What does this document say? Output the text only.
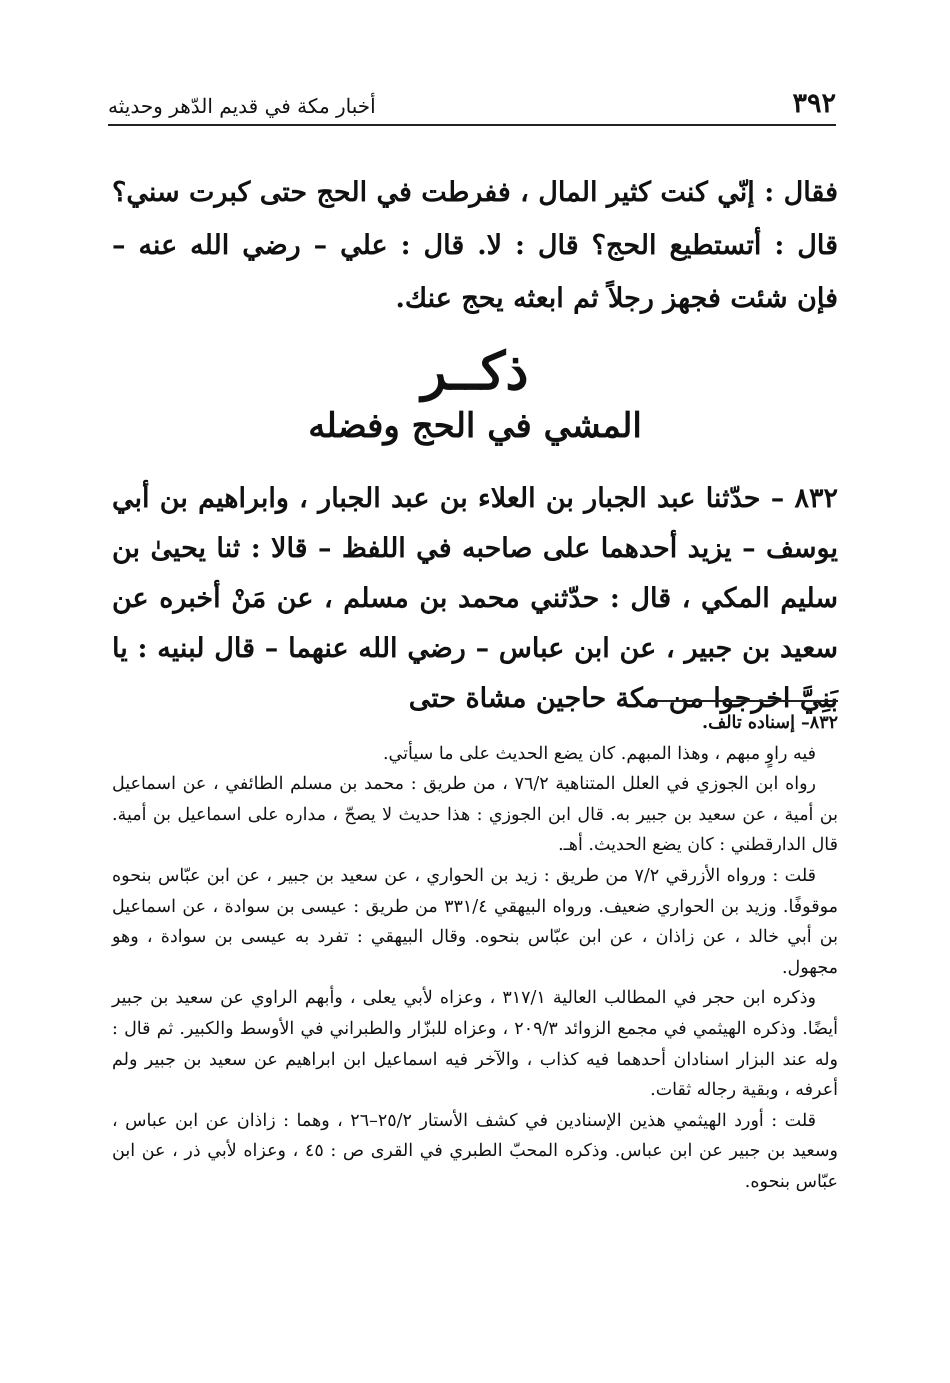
٣٩٢
أخبار مكة في قديم الدّهر وحديثه

فقال : إنّي كنت كثير المال ، ففرطت في الحج حتى كبرت سني؟ قال : أتستطيع الحج؟ قال : لا. قال : علي – رضي الله عنه – فإن شئت فجهز رجلاً ثم ابعثه يحج عنك.

ذكــر
المشي في الحج وفضله

٨٣٢ – حدّثنا عبد الجبار بن العلاء بن عبد الجبار ، وابراهيم بن أبي يوسف – يزيد أحدهما على صاحبه في اللفظ – قالا : ثنا يحيىٰ بن سليم المكي ، قال : حدّثني محمد بن مسلم ، عن مَنْ أخبره عن سعيد بن جبير ، عن ابن عباس – رضي الله عنهما – قال لبنيه : يا بَنِيَّ اخرجوا من مكة حاجين مشاة حتى

٨٣٢– إسناده تالف.

فيه راوٍ مبهم ، وهذا المبهم. كان يضع الحديث على ما سيأتي.

رواه ابن الجوزي في العلل المتناهية ٧٦/٢ ، من طريق : محمد بن مسلم الطائفي ، عن اسماعيل بن أمية ، عن سعيد بن جبير به. قال ابن الجوزي : هذا حديث لا يصحّ ، مداره على اسماعيل بن أمية. قال الدارقطني : كان يضع الحديث. أهـ.

قلت : ورواه الأزرقي ٧/٢ من طريق : زيد بن الحواري ، عن سعيد بن جبير ، عن ابن عبّاس بنحوه موقوفًا. وزيد بن الحواري ضعيف. ورواه البيهقي ٣٣١/٤ من طريق : عيسى بن سوادة ، عن اسماعيل بن أبي خالد ، عن زاذان ، عن ابن عبّاس بنحوه. وقال البيهقي : تفرد به عيسى بن سوادة ، وهو مجهول.

وذكره ابن حجر في المطالب العالية ٣١٧/١ ، وعزاه لأبي يعلى ، وأبهم الراوي عن سعيد بن جبير أيضًا. وذكره الهيثمي في مجمع الزوائد ٢٠٩/٣ ، وعزاه للبزّار والطبراني في الأوسط والكبير. ثم قال : وله عند البزار اسنادان أحدهما فيه كذاب ، والآخر فيه اسماعيل ابن ابراهيم عن سعيد بن جبير ولم أعرفه ، وبقية رجاله ثقات.

قلت : أورد الهيثمي هذين الإسنادين في كشف الأستار ٢٥/٢–٢٦ ، وهما : زاذان عن ابن عباس ، وسعيد بن جبير عن ابن عباس. وذكره المحبّ الطبري في القرى ص : ٤٥ ، وعزاه لأبي ذر ، عن ابن عبّاس بنحوه.
